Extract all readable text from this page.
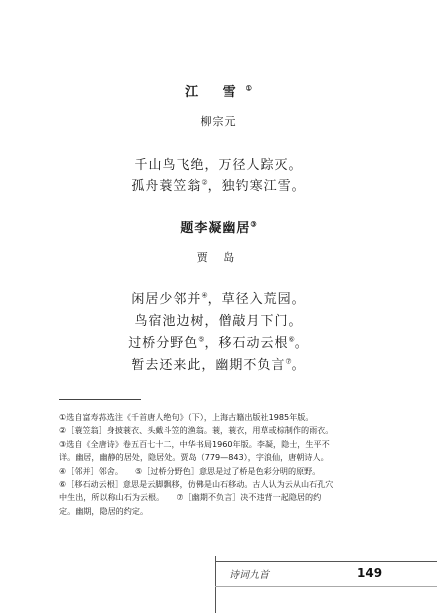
江 雪①
柳宗元
千山鸟飞绝，万径人踪灭。
孤舟蓑笠翁②，独钓寒江雪。
题李凝幽居③
贾 岛
闲居少邻并④，草径入荒园。
鸟宿池边树，僧敲月下门。
过桥分野色⑤，移石动云根⑥。
暂去还来此，幽期不负言⑦。
①选自富寿荪选注《千首唐人绝句》（下），上海古籍出版社1985年版。
②［蓑笠翁］身披蓑衣、头戴斗笠的渔翁。蓑，蓑衣，用草或棕制作的雨衣。
③选自《全唐诗》卷五百七十二，中华书局1960年版。李凝，隐士，生平不
详。幽居，幽静的居处，隐居处。贾岛（779—843），字浪仙，唐朝诗人。
④［邻并］邻舍。　　⑤［过桥分野色］意思是过了桥是色彩分明的原野。
⑥［移石动云根］意思是云脚飘移，仿佛是山石移动。古人认为云从山石孔穴
中生出，所以称山石为云根。　　⑦［幽期不负言］决不违背一起隐居的约
定。幽期，隐居的约定。
诗词九首	149
